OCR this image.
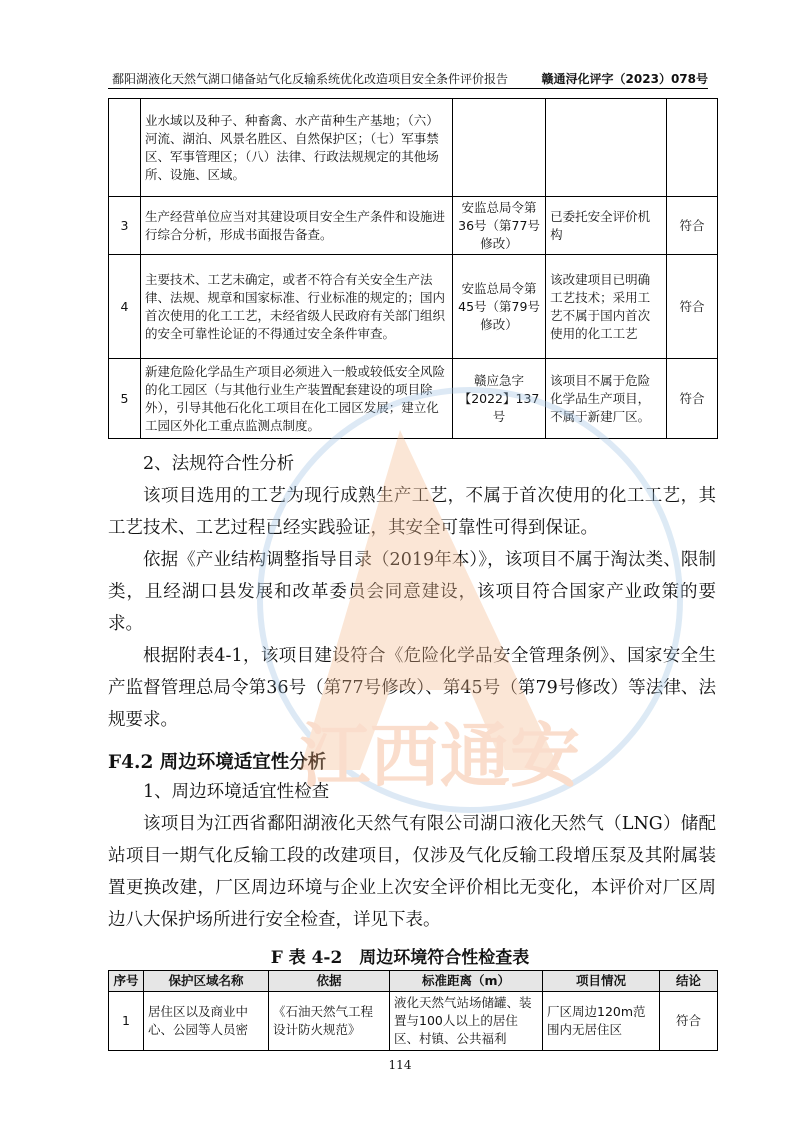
鄱阳湖液化天然气湖口储备站气化反输系统优化改造项目安全条件评价报告	赣通浔化评字（2023）078号
	业水域以及种子、种畜禽、水产苗种生产基地；（六）河流、湖泊、风景名胜区、自然保护区；（七）军事禁区、军事管理区；（八）法律、行政法规规定的其他场所、设施、区域。			
3	生产经营单位应当对其建设项目安全生产条件和设施进行综合分析，形成书面报告备查。	安监总局令第36号（第77号修改）	已委托安全评价机构	符合
4	主要技术、工艺未确定，或者不符合有关安全生产法律、法规、规章和国家标准、行业标准的规定的；国内首次使用的化工工艺，未经省级人民政府有关部门组织的安全可靠性论证的不得通过安全条件审查。	安监总局令第45号（第79号修改）	该改建项目已明确工艺技术；采用工艺不属于国内首次使用的化工工艺	符合
5	新建危险化学品生产项目必须进入一般或较低安全风险的化工园区（与其他行业生产装置配套建设的项目除外），引导其他石化化工项目在化工园区发展；建立化工园区外化工重点监测点制度。	赣应急字【2022】137号	该项目不属于危险化学品生产项目，不属于新建厂区。	符合

2、法规符合性分析

该项目选用的工艺为现行成熟生产工艺，不属于首次使用的化工工艺，其工艺技术、工艺过程已经实践验证，其安全可靠性可得到保证。

依据《产业结构调整指导目录（2019年本）》，该项目不属于淘汰类、限制类，且经湖口县发展和改革委员会同意建设，该项目符合国家产业政策的要求。

根据附表4-1，该项目建设符合《危险化学品安全管理条例》、国家安全生产监督管理总局令第36号（第77号修改）、第45号（第79号修改）等法律、法规要求。

F4.2 周边环境适宜性分析

1、周边环境适宜性检查

该项目为江西省鄱阳湖液化天然气有限公司湖口液化天然气（LNG）储配站项目一期气化反输工段的改建项目，仅涉及气化反输工段增压泵及其附属装置更换改建，厂区周边环境与企业上次安全评价相比无变化，本评价对厂区周边八大保护场所进行安全检查，详见下表。

F 表 4-2　周边环境符合性检查表
序号	保护区域名称	依据	标准距离（m）	项目情况	结论
1	居住区以及商业中心、公园等人员密	《石油天然气工程设计防火规范》	液化天然气站场储罐、装置与100人以上的居住区、村镇、公共福利	厂区周边120m范围内无居住区	符合
114
江西通安
